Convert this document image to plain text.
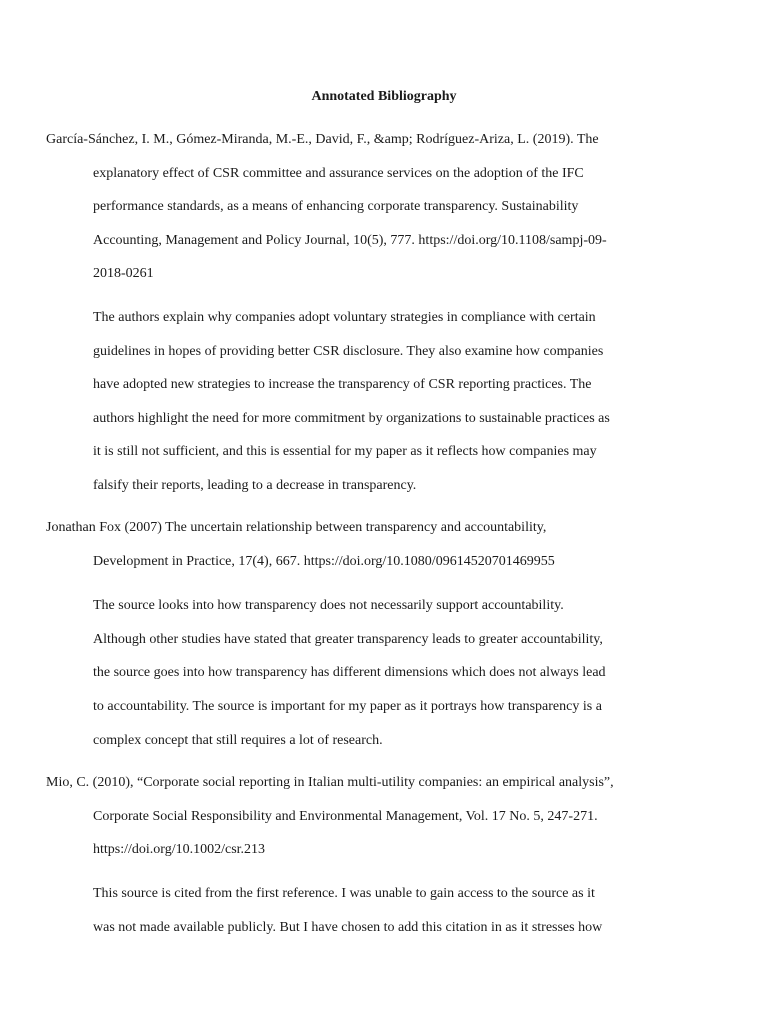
Annotated Bibliography

García-Sánchez, I. M., Gómez-Miranda, M.-E., David, F., &amp; Rodríguez-Ariza, L. (2019). The

explanatory effect of CSR committee and assurance services on the adoption of the IFC

performance standards, as a means of enhancing corporate transparency. Sustainability

Accounting, Management and Policy Journal, 10(5), 777. https://doi.org/10.1108/sampj-09-

2018-0261

The authors explain why companies adopt voluntary strategies in compliance with certain

guidelines in hopes of providing better CSR disclosure. They also examine how companies

have adopted new strategies to increase the transparency of CSR reporting practices. The

authors highlight the need for more commitment by organizations to sustainable practices as

it is still not sufficient, and this is essential for my paper as it reflects how companies may

falsify their reports, leading to a decrease in transparency.

Jonathan Fox (2007) The uncertain relationship between transparency and accountability,

Development in Practice, 17(4), 667. https://doi.org/10.1080/09614520701469955

The source looks into how transparency does not necessarily support accountability.

Although other studies have stated that greater transparency leads to greater accountability,

the source goes into how transparency has different dimensions which does not always lead

to accountability. The source is important for my paper as it portrays how transparency is a

complex concept that still requires a lot of research.

Mio, C. (2010), “Corporate social reporting in Italian multi-utility companies: an empirical analysis”,

Corporate Social Responsibility and Environmental Management, Vol. 17 No. 5, 247-271.

https://doi.org/10.1002/csr.213

This source is cited from the first reference. I was unable to gain access to the source as it

was not made available publicly. But I have chosen to add this citation in as it stresses how
